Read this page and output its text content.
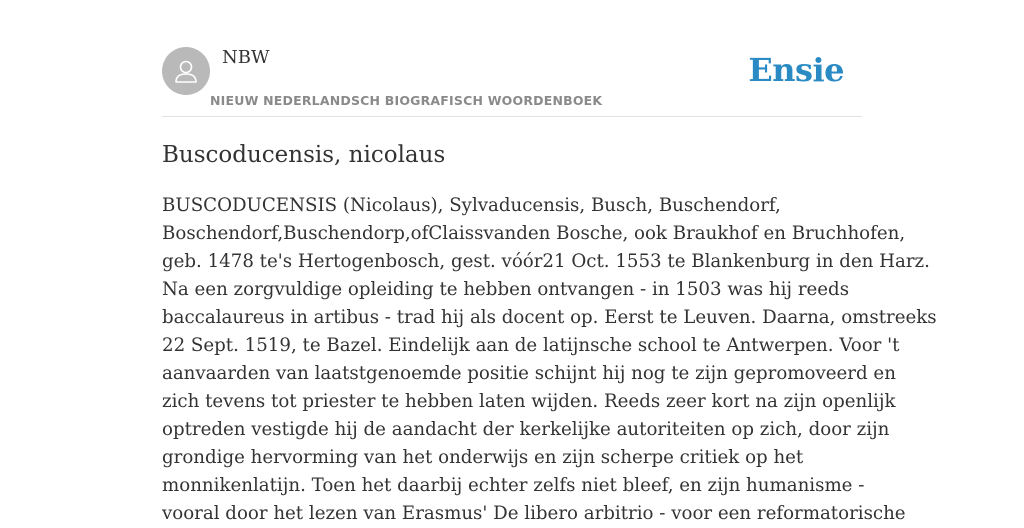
NBW
NIEUW NEDERLANDSCH BIOGRAFISCH WOORDENBOEK
Ensie
Buscoducensis, nicolaus
BUSCODUCENSIS (Nicolaus), Sylvaducensis, Busch, Buschendorf,
Boschendorf,Buschendorp,ofClaissvanden Bosche, ook Braukhof en Bruchhofen,
geb. 1478 te's Hertogenbosch, gest. vóór21 Oct. 1553 te Blankenburg in den Harz.
Na een zorgvuldige opleiding te hebben ontvangen - in 1503 was hij reeds
baccalaureus in artibus - trad hij als docent op. Eerst te Leuven. Daarna, omstreeks
22 Sept. 1519, te Bazel. Eindelijk aan de latijnsche school te Antwerpen. Voor 't
aanvaarden van laatstgenoemde positie schijnt hij nog te zijn gepromoveerd en
zich tevens tot priester te hebben laten wijden. Reeds zeer kort na zijn openlijk
optreden vestigde hij de aandacht der kerkelijke autoriteiten op zich, door zijn
grondige hervorming van het onderwijs en zijn scherpe critiek op het
monnikenlatijn. Toen het daarbij echter zelfs niet bleef, en zijn humanisme -
vooral door het lezen van Erasmus' De libero arbitrio - voor een reformatorische
